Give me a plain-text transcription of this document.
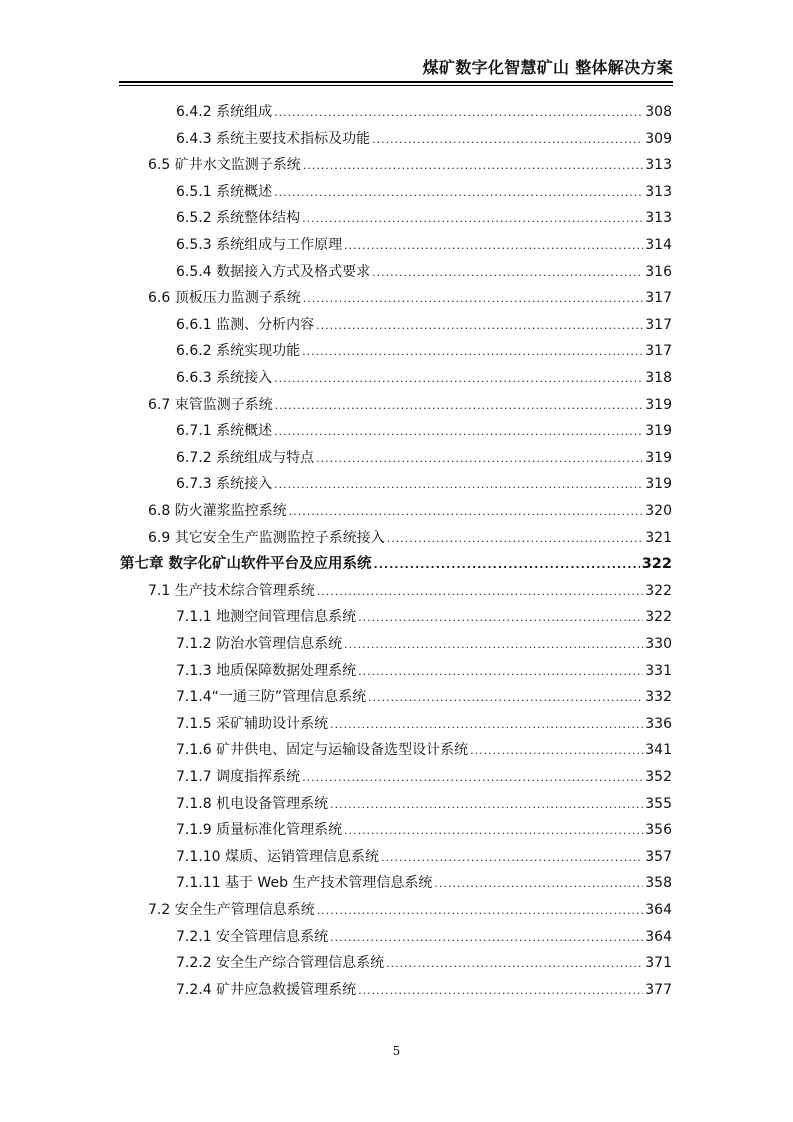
煤矿数字化智慧矿山 整体解决方案
6.4.2 系统组成 .....	308
6.4.3 系统主要技术指标及功能 .....	309
6.5 矿井水文监测子系统 .....	313
6.5.1 系统概述 .....	313
6.5.2 系统整体结构 .....	313
6.5.3 系统组成与工作原理 .....	314
6.5.4 数据接入方式及格式要求 .....	316
6.6 顶板压力监测子系统 .....	317
6.6.1 监测、分析内容 .....	317
6.6.2 系统实现功能 .....	317
6.6.3 系统接入 .....	318
6.7 束管监测子系统 .....	319
6.7.1 系统概述 .....	319
6.7.2 系统组成与特点 .....	319
6.7.3 系统接入 .....	319
6.8 防火灌浆监控系统 .....	320
6.9 其它安全生产监测监控子系统接入 .....	321
第七章 数字化矿山软件平台及应用系统 .....	322
7.1 生产技术综合管理系统 .....	322
7.1.1 地测空间管理信息系统 .....	322
7.1.2 防治水管理信息系统 .....	330
7.1.3 地质保障数据处理系统 .....	331
7.1.4“一通三防”管理信息系统 .....	332
7.1.5 采矿辅助设计系统 .....	336
7.1.6 矿井供电、固定与运输设备选型设计系统 .....	341
7.1.7 调度指挥系统 .....	352
7.1.8 机电设备管理系统 .....	355
7.1.9 质量标准化管理系统 .....	356
7.1.10 煤质、运销管理信息系统 .....	357
7.1.11 基于 Web 生产技术管理信息系统 .....	358
7.2 安全生产管理信息系统 .....	364
7.2.1 安全管理信息系统 .....	364
7.2.2 安全生产综合管理信息系统 .....	371
7.2.4 矿井应急救援管理系统 .....	377
5
